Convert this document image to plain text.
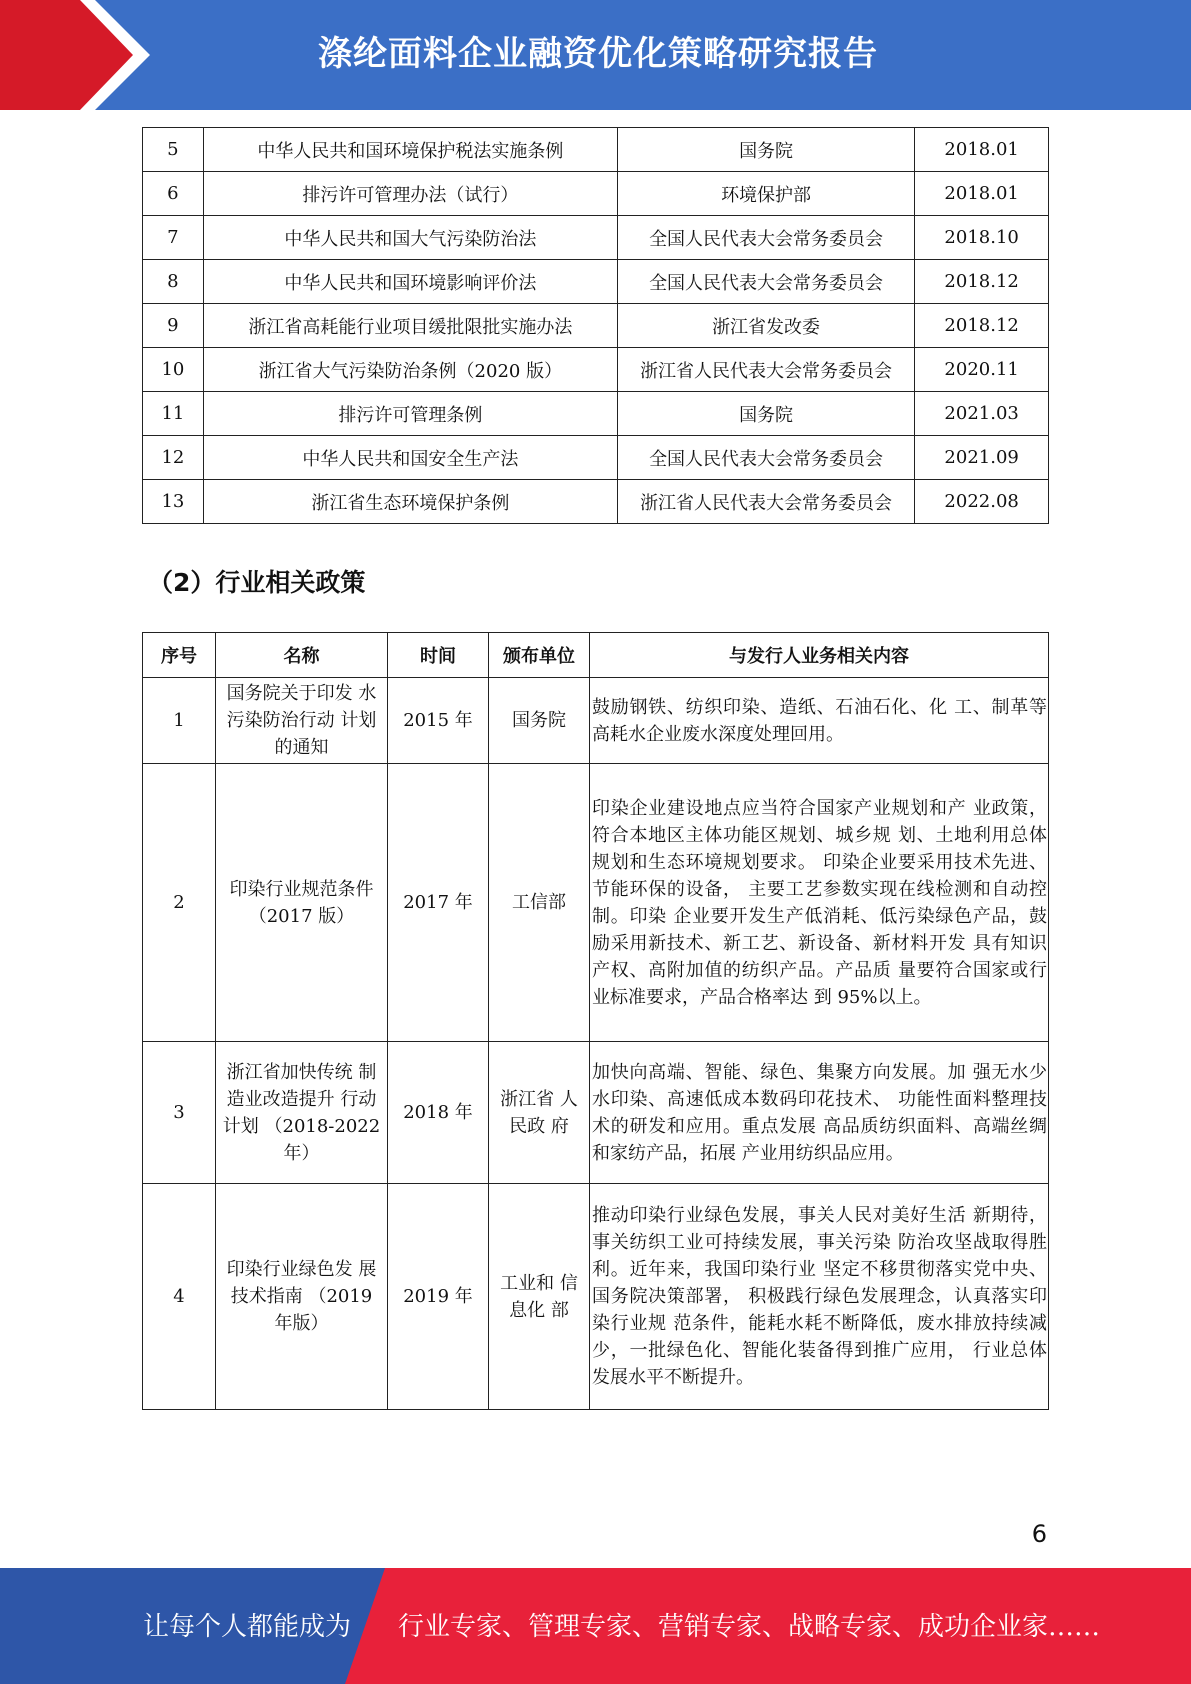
涤纶面料企业融资优化策略研究报告
5	中华人民共和国环境保护税法实施条例	国务院	2018.01
6	排污许可管理办法（试行）	环境保护部	2018.01
7	中华人民共和国大气污染防治法	全国人民代表大会常务委员会	2018.10
8	中华人民共和国环境影响评价法	全国人民代表大会常务委员会	2018.12
9	浙江省高耗能行业项目缓批限批实施办法	浙江省发改委	2018.12
10	浙江省大气污染防治条例（2020 版）	浙江省人民代表大会常务委员会	2020.11
11	排污许可管理条例	国务院	2021.03
12	中华人民共和国安全生产法	全国人民代表大会常务委员会	2021.09
13	浙江省生态环境保护条例	浙江省人民代表大会常务委员会	2022.08
（2）行业相关政策
序号	名称	时间	颁布单位	与发行人业务相关内容
1	国务院关于印发 水污染防治行动 计划的通知	2015 年	国务院	鼓励钢铁、纺织印染、造纸、石油石化、化 工、制革等高耗水企业废水深度处理回用。
2	印染行业规范条件（2017 版）	2017 年	工信部	印染企业建设地点应当符合国家产业规划和产 业政策，符合本地区主体功能区规划、城乡规 划、土地利用总体规划和生态环境规划要求。 印染企业要采用技术先进、节能环保的设备， 主要工艺参数实现在线检测和自动控制。印染 企业要开发生产低消耗、低污染绿色产品，鼓 励采用新技术、新工艺、新设备、新材料开发 具有知识产权、高附加值的纺织产品。产品质 量要符合国家或行业标准要求，产品合格率达 到 95%以上。
3	浙江省加快传统 制造业改造提升 行动计划 （2018-2022 年）	2018 年	浙江省 人民政 府	加快向高端、智能、绿色、集聚方向发展。加 强无水少水印染、高速低成本数码印花技术、 功能性面料整理技术的研发和应用。重点发展 高品质纺织面料、高端丝绸和家纺产品，拓展 产业用纺织品应用。
4	印染行业绿色发 展技术指南 （2019 年版）	2019 年	工业和 信息化 部	推动印染行业绿色发展，事关人民对美好生活 新期待，事关纺织工业可持续发展，事关污染 防治攻坚战取得胜利。近年来，我国印染行业 坚定不移贯彻落实党中央、国务院决策部署， 积极践行绿色发展理念，认真落实印染行业规 范条件，能耗水耗不断降低，废水排放持续减 少，一批绿色化、智能化装备得到推广应用， 行业总体发展水平不断提升。
6
让每个人都能成为 行业专家、管理专家、营销专家、战略专家、成功企业家……
